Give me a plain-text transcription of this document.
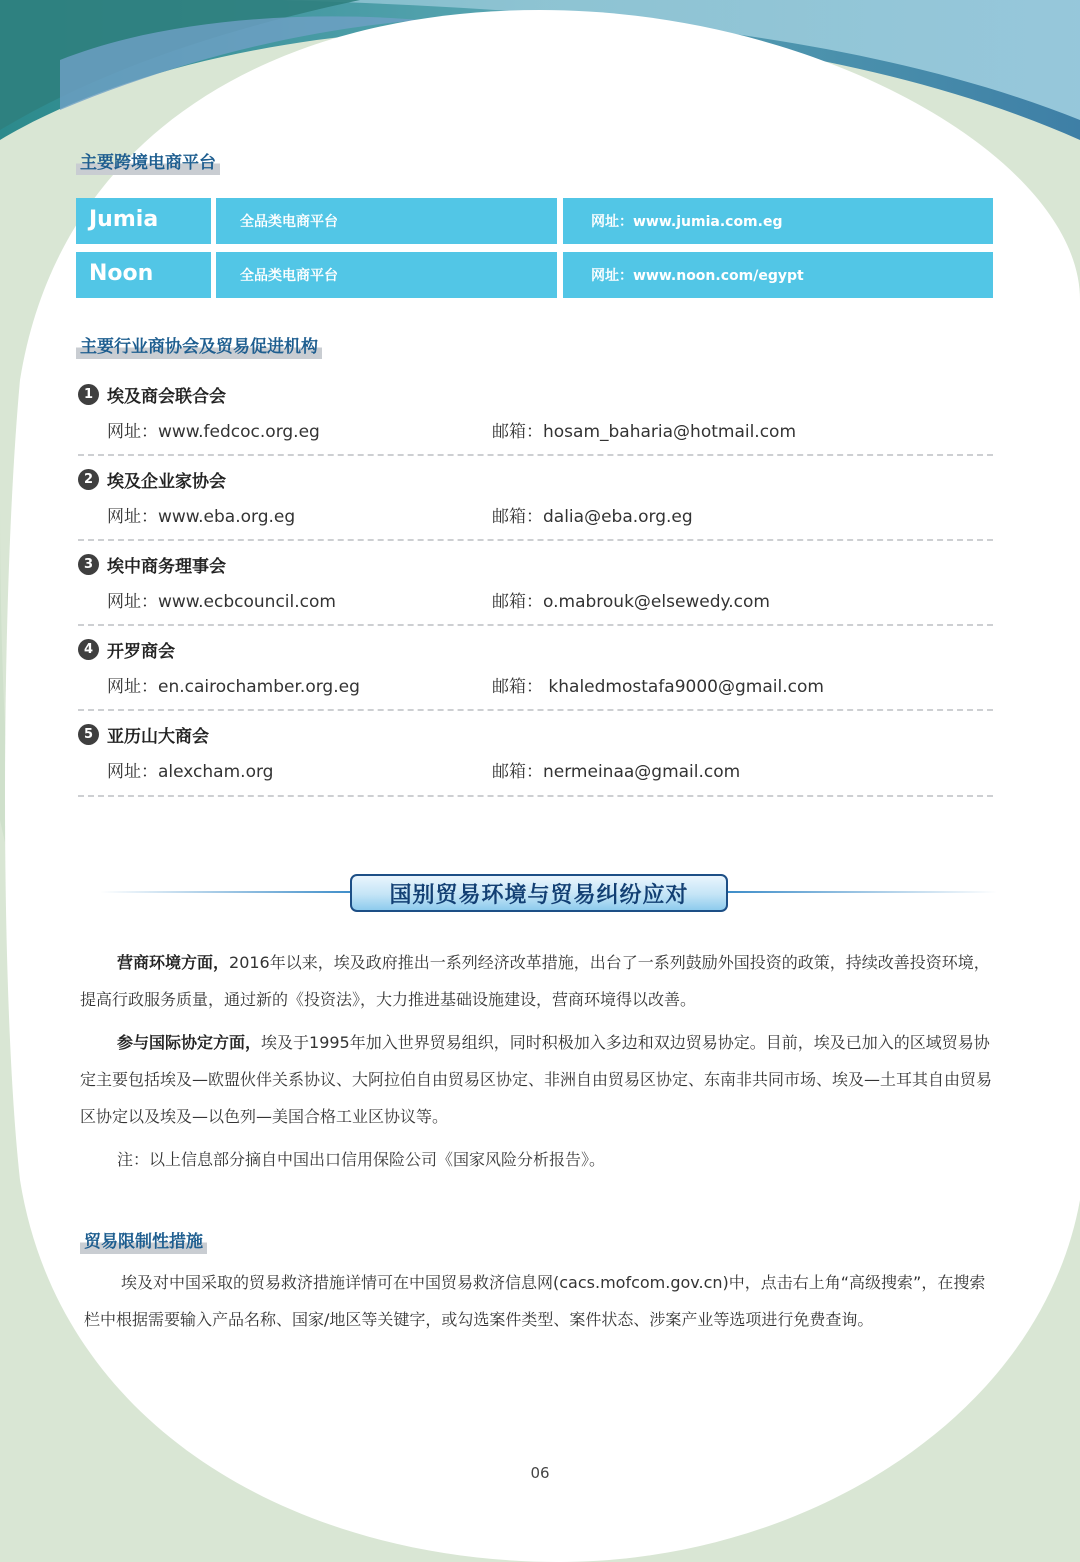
主要跨境电商平台
Jumia	全品类电商平台	网址：www.jumia.com.eg
Noon	全品类电商平台	网址：www.noon.com/egypt
主要行业商协会及贸易促进机构
1 埃及商会联合会
网址：www.fedcoc.org.eg	邮箱：hosam_baharia@hotmail.com
2 埃及企业家协会
网址：www.eba.org.eg	邮箱：dalia@eba.org.eg
3 埃中商务理事会
网址：www.ecbcouncil.com	邮箱：o.mabrouk@elsewedy.com
4 开罗商会
网址：en.cairochamber.org.eg	邮箱： khaledmostafa9000@gmail.com
5 亚历山大商会
网址：alexcham.org	邮箱：nermeinaa@gmail.com
国别贸易环境与贸易纠纷应对
营商环境方面，2016年以来，埃及政府推出一系列经济改革措施，出台了一系列鼓励外国投资的政策，持续改善投资环境，提高行政服务质量，通过新的《投资法》，大力推进基础设施建设，营商环境得以改善。
参与国际协定方面，埃及于1995年加入世界贸易组织，同时积极加入多边和双边贸易协定。目前，埃及已加入的区域贸易协定主要包括埃及—欧盟伙伴关系协议、大阿拉伯自由贸易区协定、非洲自由贸易区协定、东南非共同市场、埃及—土耳其自由贸易区协定以及埃及—以色列—美国合格工业区协议等。
注：以上信息部分摘自中国出口信用保险公司《国家风险分析报告》。
贸易限制性措施
埃及对中国采取的贸易救济措施详情可在中国贸易救济信息网(cacs.mofcom.gov.cn)中，点击右上角“高级搜索”，在搜索栏中根据需要输入产品名称、国家/地区等关键字，或勾选案件类型、案件状态、涉案产业等选项进行免费查询。
06
